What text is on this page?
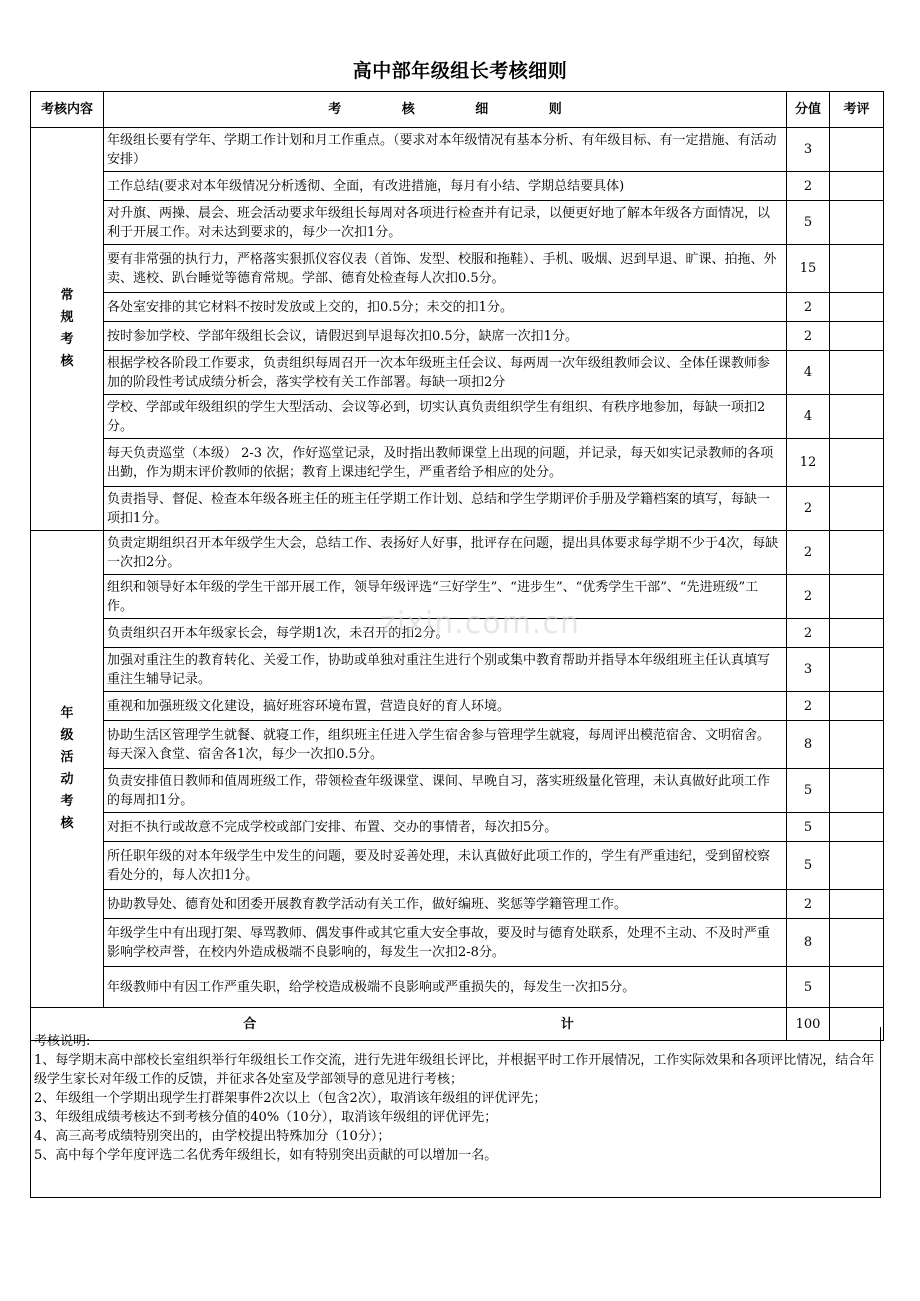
高中部年级组长考核细则
考核内容	考 核 细 则	分值	考评

常规考核	年级组长要有学年、学期工作计划和月工作重点。（要求对本年级情况有基本分析、有年级目标、有一定措施、有活动安排）	3	
	工作总结(要求对本年级情况分析透彻、全面，有改进措施，每月有小结、学期总结要具体)	2	
	对升旗、两操、晨会、班会活动要求年级组长每周对各项进行检查并有记录，以便更好地了解本年级各方面情况，以利于开展工作。对未达到要求的，每少一次扣1分。	5	
	要有非常强的执行力，严格落实狠抓仪容仪表（首饰、发型、校服和拖鞋）、手机、吸烟、迟到早退、旷课、拍拖、外卖、逃校、趴台睡觉等德育常规。学部、德育处检查每人次扣0.5分。	15	
	各处室安排的其它材料不按时发放或上交的，扣0.5分；未交的扣1分。	2	
	按时参加学校、学部年级组长会议，请假迟到早退每次扣0.5分，缺席一次扣1分。	2	
	根据学校各阶段工作要求，负责组织每周召开一次本年级班主任会议、每两周一次年级组教师会议、全体任课教师参加的阶段性考试成绩分析会，落实学校有关工作部署。每缺一项扣2分	4	
	学校、学部或年级组织的学生大型活动、会议等必到，切实认真负责组织学生有组织、有秩序地参加，每缺一项扣2分。	4	
	每天负责巡堂（本级） 2-3 次，作好巡堂记录，及时指出教师课堂上出现的问题，并记录，每天如实记录教师的各项出勤，作为期末评价教师的依据；教育上课违纪学生，严重者给予相应的处分。	12	
	负责指导、督促、检查本年级各班主任的班主任学期工作计划、总结和学生学期评价手册及学籍档案的填写，每缺一项扣1分。	2	

年级活动考核	负责定期组织召开本年级学生大会，总结工作、表扬好人好事，批评存在问题，提出具体要求每学期不少于4次，每缺一次扣2分。	2	
	组织和领导好本年级的学生干部开展工作，领导年级评选“三好学生”、“进步生”、“优秀学生干部”、“先进班级”工作。	2	
	负责组织召开本年级家长会，每学期1次，未召开的扣2分。	2	
	加强对重注生的教育转化、关爱工作，协助或单独对重注生进行个别或集中教育帮助并指导本年级组班主任认真填写重注生辅导记录。	3	
	重视和加强班级文化建设，搞好班容环境布置，营造良好的育人环境。	2	
	协助生活区管理学生就餐、就寝工作，组织班主任进入学生宿舍参与管理学生就寝，每周评出模范宿舍、文明宿舍。每天深入食堂、宿舍各1次，每少一次扣0.5分。	8	
	负责安排值日教师和值周班级工作，带领检查年级课堂、课间、早晚自习，落实班级量化管理，未认真做好此项工作的每周扣1分。	5	
	对拒不执行或故意不完成学校或部门安排、布置、交办的事情者，每次扣5分。	5	
	所任职年级的对本年级学生中发生的问题，要及时妥善处理，未认真做好此项工作的，学生有严重违纪，受到留校察看处分的，每人次扣1分。	5	
	协助教导处、德育处和团委开展教育教学活动有关工作，做好编班、奖惩等学籍管理工作。	2	
	年级学生中有出现打架、辱骂教师、偶发事件或其它重大安全事故，要及时与德育处联系，处理不主动、不及时严重影响学校声誉，在校内外造成极端不良影响的，每发生一次扣2-8分。	8	
	年级教师中有因工作严重失职，给学校造成极端不良影响或严重损失的，每发生一次扣5分。	5	
合 计		100	
考核说明:
1、每学期末高中部校长室组织举行年级组长工作交流，进行先进年级组长评比，并根据平时工作开展情况，工作实际效果和各项评比情况，结合年级学生家长对年级工作的反馈，并征求各处室及学部领导的意见进行考核；
2、年级组一个学期出现学生打群架事件2次以上（包含2次），取消该年级组的评优评先；
3、年级组成绩考核达不到考核分值的40%（10分），取消该年级组的评优评先；
4、高三高考成绩特别突出的，由学校提出特殊加分（10分）；
5、高中每个学年度评选二名优秀年级组长，如有特别突出贡献的可以增加一名。
zixin.com.cn
